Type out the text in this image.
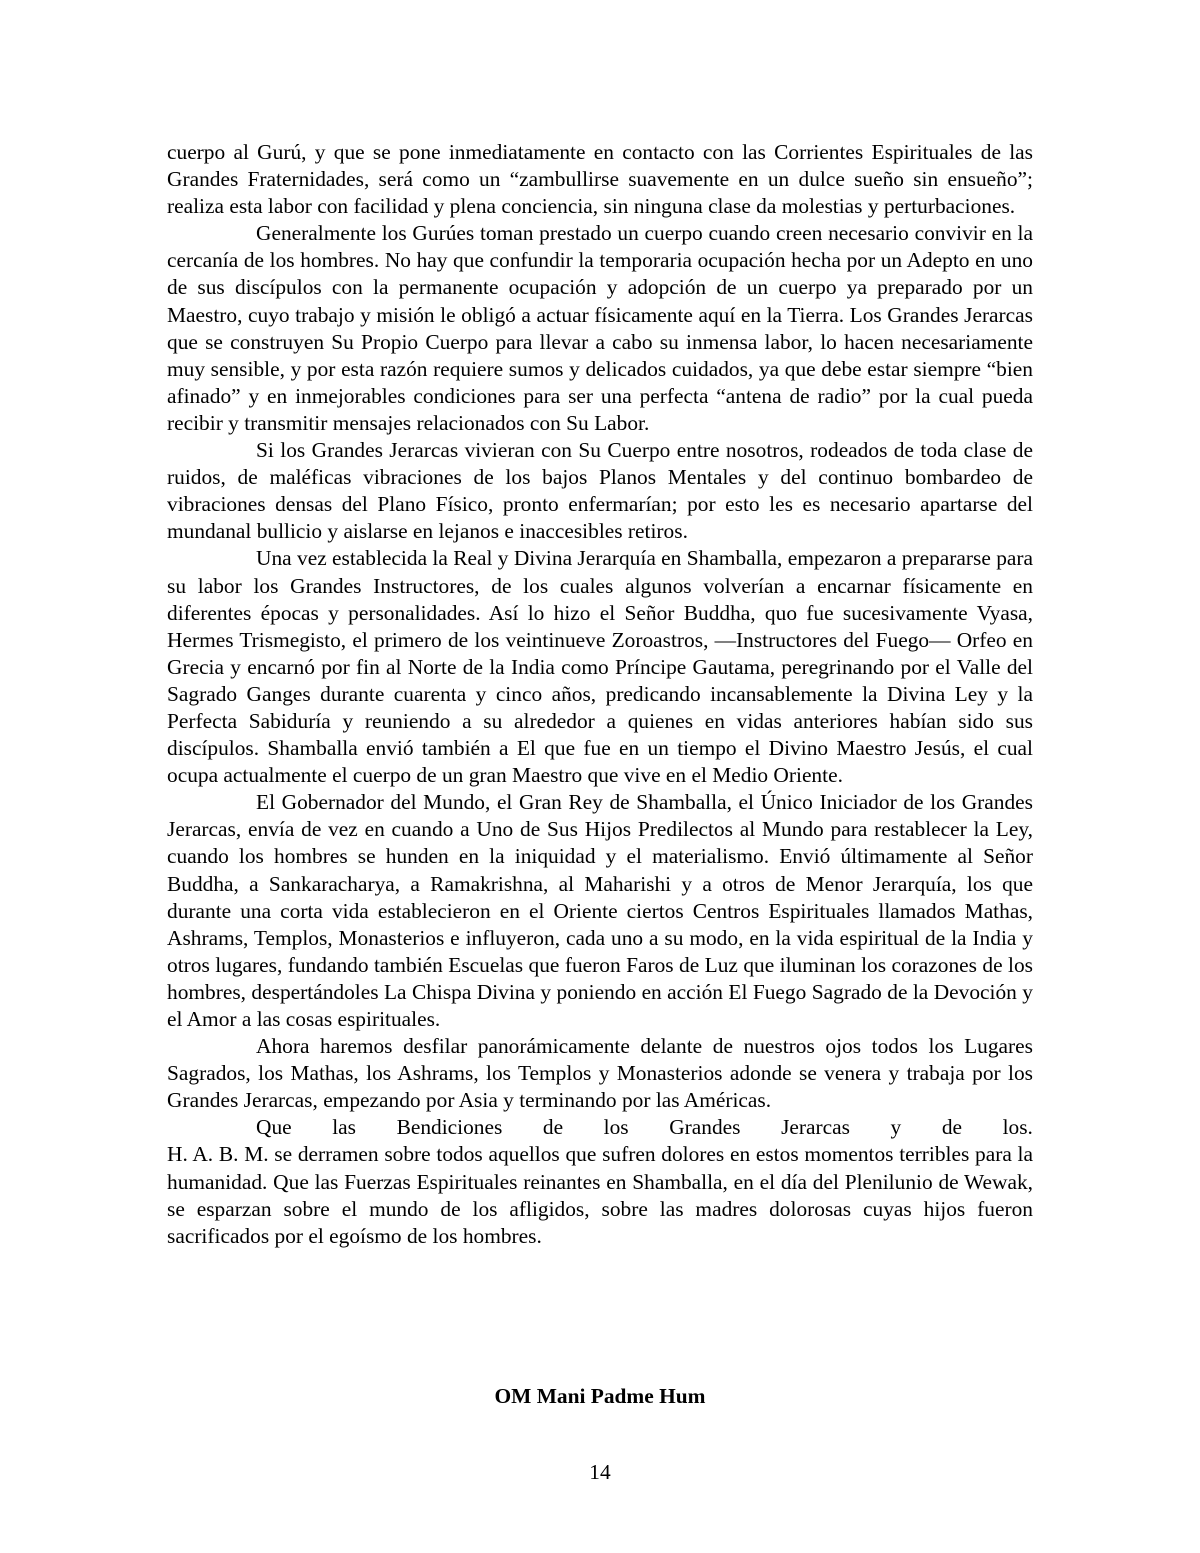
cuerpo al Gurú, y que se pone inmediatamente en contacto con las Corrientes Espirituales de las Grandes Fraternidades, será como un “zambullirse suavemente en un dulce sueño sin ensueño”; realiza esta labor con facilidad y plena conciencia, sin ninguna clase da molestias y perturbaciones.

Generalmente los Gurúes toman prestado un cuerpo cuando creen necesario convivir en la cercanía de los hombres. No hay que confundir la temporaria ocupación hecha por un Adepto en uno de sus discípulos con la permanente ocupación y adopción de un cuerpo ya preparado por un Maestro, cuyo trabajo y misión le obligó a actuar físicamente aquí en la Tierra. Los Grandes Jerarcas que se construyen Su Propio Cuerpo para llevar a cabo su inmensa labor, lo hacen necesariamente muy sensible, y por esta razón requiere sumos y delicados cuidados, ya que debe estar siempre “bien afinado” y en inmejorables condiciones para ser una perfecta “antena de radio” por la cual pueda recibir y transmitir mensajes relacionados con Su Labor.

Si los Grandes Jerarcas vivieran con Su Cuerpo entre nosotros, rodeados de toda clase de ruidos, de maléficas vibraciones de los bajos Planos Mentales y del continuo bombardeo de vibraciones densas del Plano Físico, pronto enfermarían; por esto les es necesario apartarse del mundanal bullicio y aislarse en lejanos e inaccesibles retiros.

Una vez establecida la Real y Divina Jerarquía en Shamballa, empezaron a prepararse para su labor los Grandes Instructores, de los cuales algunos volverían a encarnar físicamente en diferentes épocas y personalidades. Así lo hizo el Señor Buddha, quo fue sucesivamente Vyasa, Hermes Trismegisto, el primero de los veintinueve Zoroastros, —Instructores del Fuego— Orfeo en Grecia y encarnó por fin al Norte de la India como Príncipe Gautama, peregrinando por el Valle del Sagrado Ganges durante cuarenta y cinco años, predicando incansablemente la Divina Ley y la Perfecta Sabiduría y reuniendo a su alrededor a quienes en vidas anteriores habían sido sus discípulos. Shamballa envió también a El que fue en un tiempo el Divino Maestro Jesús, el cual ocupa actualmente el cuerpo de un gran Maestro que vive en el Medio Oriente.

El Gobernador del Mundo, el Gran Rey de Shamballa, el Único Iniciador de los Grandes Jerarcas, envía de vez en cuando a Uno de Sus Hijos Predilectos al Mundo para restablecer la Ley, cuando los hombres se hunden en la iniquidad y el materialismo. Envió últimamente al Señor Buddha, a Sankaracharya, a Ramakrishna, al Maharishi y a otros de Menor Jerarquía, los que durante una corta vida establecieron en el Oriente ciertos Centros Espirituales llamados Mathas, Ashrams, Templos, Monasterios e influyeron, cada uno a su modo, en la vida espiritual de la India y otros lugares, fundando también Escuelas que fueron Faros de Luz que iluminan los corazones de los hombres, despertándoles La Chispa Divina y poniendo en acción El Fuego Sagrado de la Devoción y el Amor a las cosas espirituales.

Ahora haremos desfilar panorámicamente delante de nuestros ojos todos los Lugares Sagrados, los Mathas, los Ashrams, los Templos y Monasterios adonde se venera y trabaja por los Grandes Jerarcas, empezando por Asia y terminando por las Américas.

Que las Bendiciones de los Grandes Jerarcas y de los.

H. A. B. M. se derramen sobre todos aquellos que sufren dolores en estos momentos terribles para la humanidad. Que las Fuerzas Espirituales reinantes en Shamballa, en el día del Plenilunio de Wewak, se esparzan sobre el mundo de los afligidos, sobre las madres dolorosas cuyas hijos fueron sacrificados por el egoísmo de los hombres.

OM Mani Padme Hum

14
